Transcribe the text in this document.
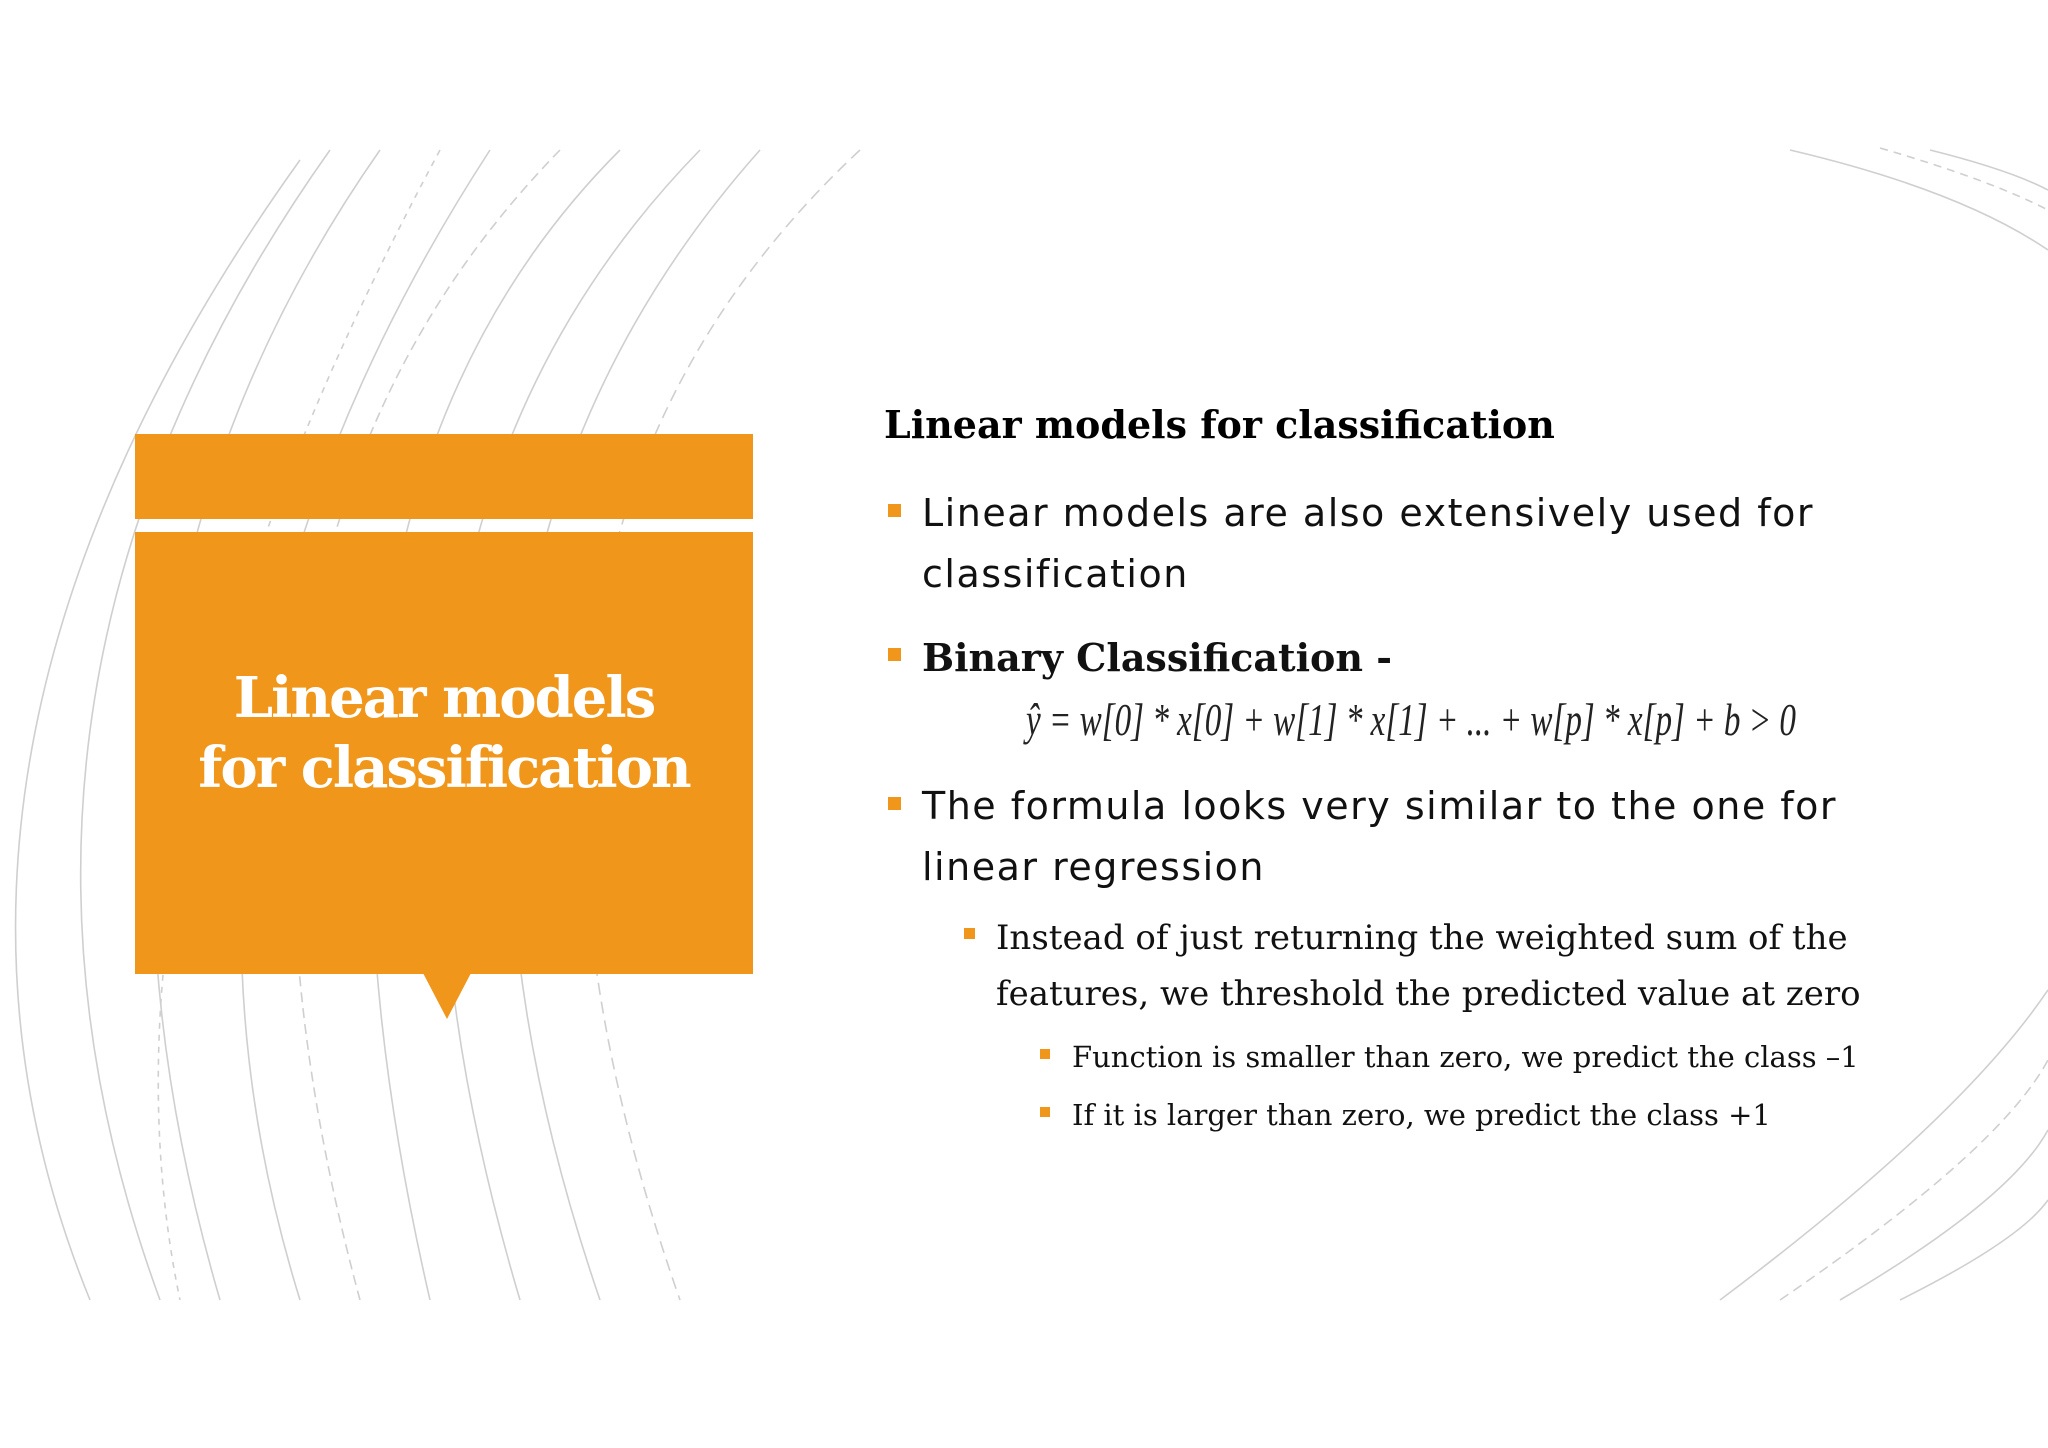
Linear models
for classification
Linear models for classification
Linear models are also extensively used for classification
Binary Classification -
ŷ = w[0] * x[0] + w[1] * x[1] + ... + w[p] * x[p] + b > 0
The formula looks very similar to the one for linear regression
Instead of just returning the weighted sum of the features, we threshold the predicted value at zero
Function is smaller than zero, we predict the class –1
If it is larger than zero, we predict the class +1
